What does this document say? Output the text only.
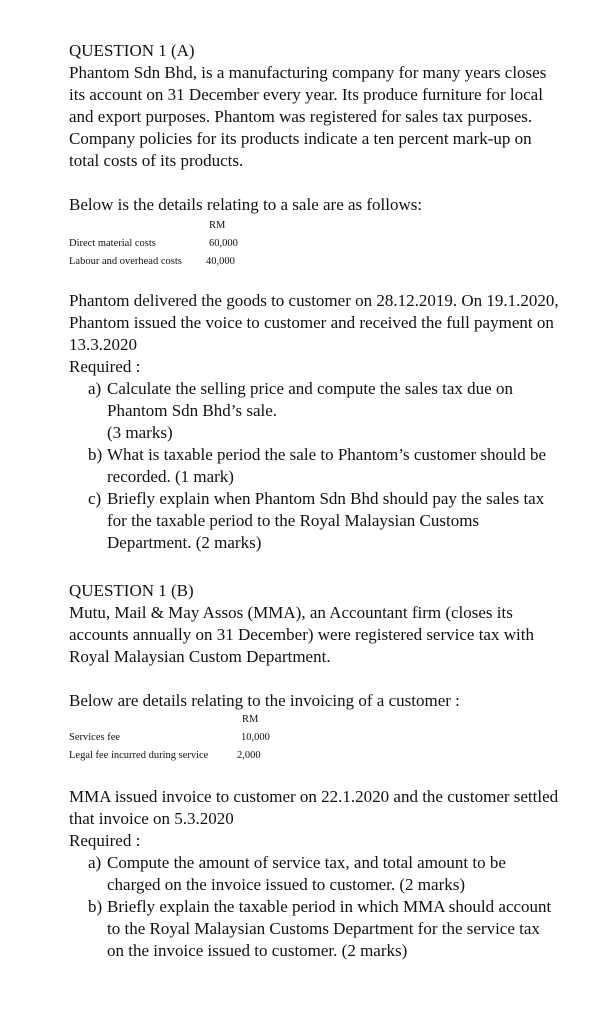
QUESTION 1 (A)
Phantom Sdn Bhd, is a manufacturing company for many years closes its account on 31 December every year. Its produce furniture for local and export purposes. Phantom was registered for sales tax purposes. Company policies for its products indicate a ten percent mark-up on total costs of its products.
Below is the details relating to a sale are as follows:
RM
Direct material costs	60,000
Labour and overhead costs 40,000
Phantom delivered the goods to customer on 28.12.2019. On 19.1.2020, Phantom issued the voice to customer and received the full payment on 13.3.2020
Required :
a) Calculate the selling price and compute the sales tax due on Phantom Sdn Bhd’s sale.
(3 marks)
b) What is taxable period the sale to Phantom’s customer should be recorded. (1 mark)
c) Briefly explain when Phantom Sdn Bhd should pay the sales tax for the taxable period to the Royal Malaysian Customs Department. (2 marks)
QUESTION 1 (B)
Mutu, Mail & May Assos (MMA), an Accountant firm (closes its accounts annually on 31 December) were registered service tax with Royal Malaysian Custom Department.
Below are details relating to the invoicing of a customer :
RM
Services fee	10,000
Legal fee incurred during service	2,000
MMA issued invoice to customer on 22.1.2020 and the customer settled that invoice on 5.3.2020
Required :
a) Compute the amount of service tax, and total amount to be charged on the invoice issued to customer. (2 marks)
b) Briefly explain the taxable period in which MMA should account to the Royal Malaysian Customs Department for the service tax on the invoice issued to customer. (2 marks)
